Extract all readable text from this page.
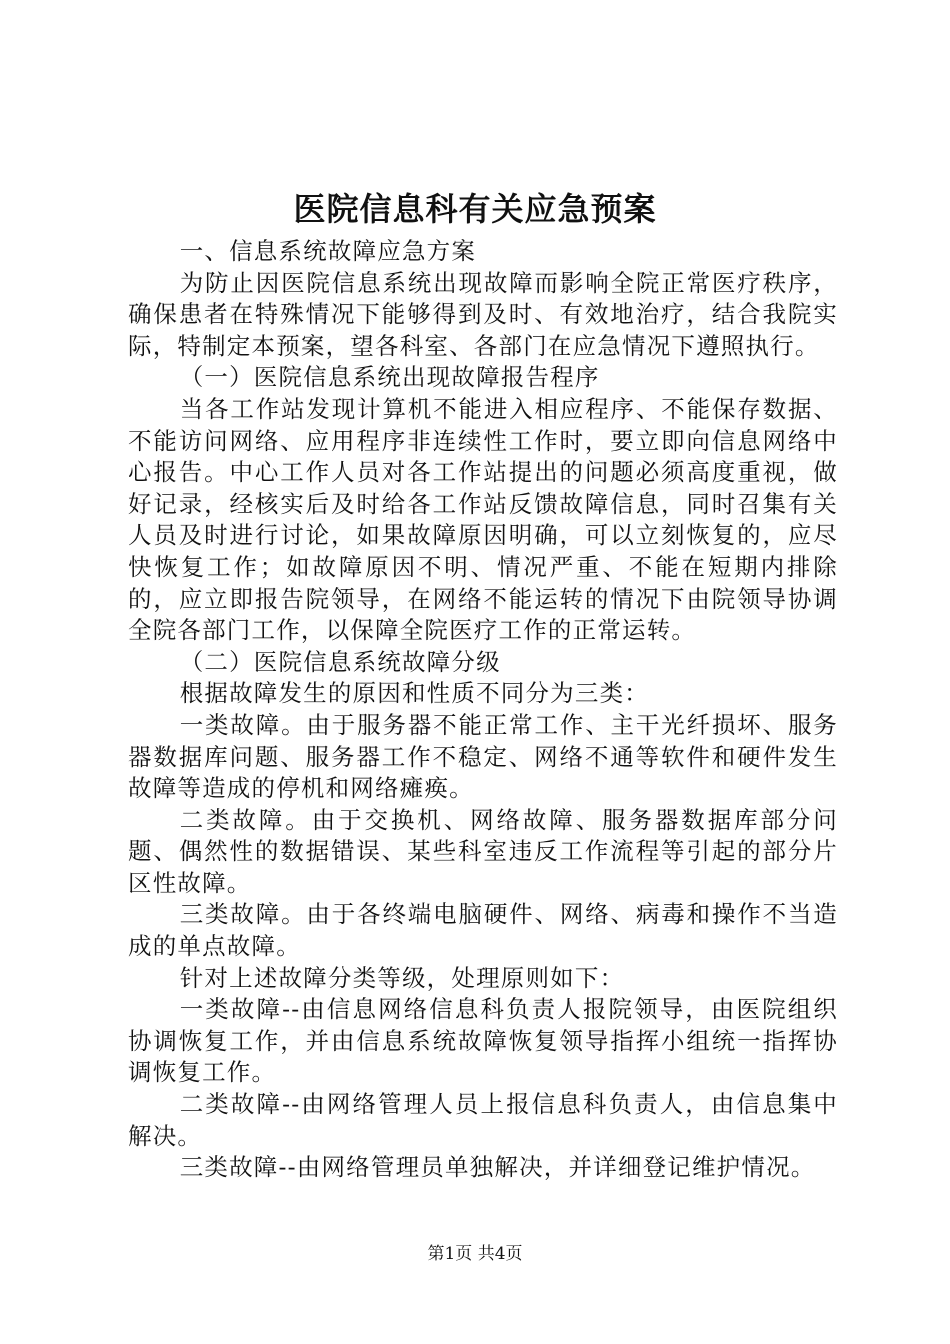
医院信息科有关应急预案

一、信息系统故障应急方案

为防止因医院信息系统出现故障而影响全院正常医疗秩序，确保患者在特殊情况下能够得到及时、有效地治疗，结合我院实际，特制定本预案，望各科室、各部门在应急情况下遵照执行。

（一）医院信息系统出现故障报告程序

当各工作站发现计算机不能进入相应程序、不能保存数据、不能访问网络、应用程序非连续性工作时，要立即向信息网络中心报告。中心工作人员对各工作站提出的问题必须高度重视，做好记录，经核实后及时给各工作站反馈故障信息，同时召集有关人员及时进行讨论，如果故障原因明确，可以立刻恢复的，应尽快恢复工作；如故障原因不明、情况严重、不能在短期内排除的，应立即报告院领导，在网络不能运转的情况下由院领导协调全院各部门工作，以保障全院医疗工作的正常运转。

（二）医院信息系统故障分级

根据故障发生的原因和性质不同分为三类：

一类故障。由于服务器不能正常工作、主干光纤损坏、服务器数据库问题、服务器工作不稳定、网络不通等软件和硬件发生故障等造成的停机和网络瘫痪。

二类故障。由于交换机、网络故障、服务器数据库部分问题、偶然性的数据错误、某些科室违反工作流程等引起的部分片区性故障。

三类故障。由于各终端电脑硬件、网络、病毒和操作不当造成的单点故障。

针对上述故障分类等级，处理原则如下：

一类故障--由信息网络信息科负责人报院领导，由医院组织协调恢复工作，并由信息系统故障恢复领导指挥小组统一指挥协调恢复工作。

二类故障--由网络管理人员上报信息科负责人，由信息集中解决。

三类故障--由网络管理员单独解决，并详细登记维护情况。

第1页 共4页
